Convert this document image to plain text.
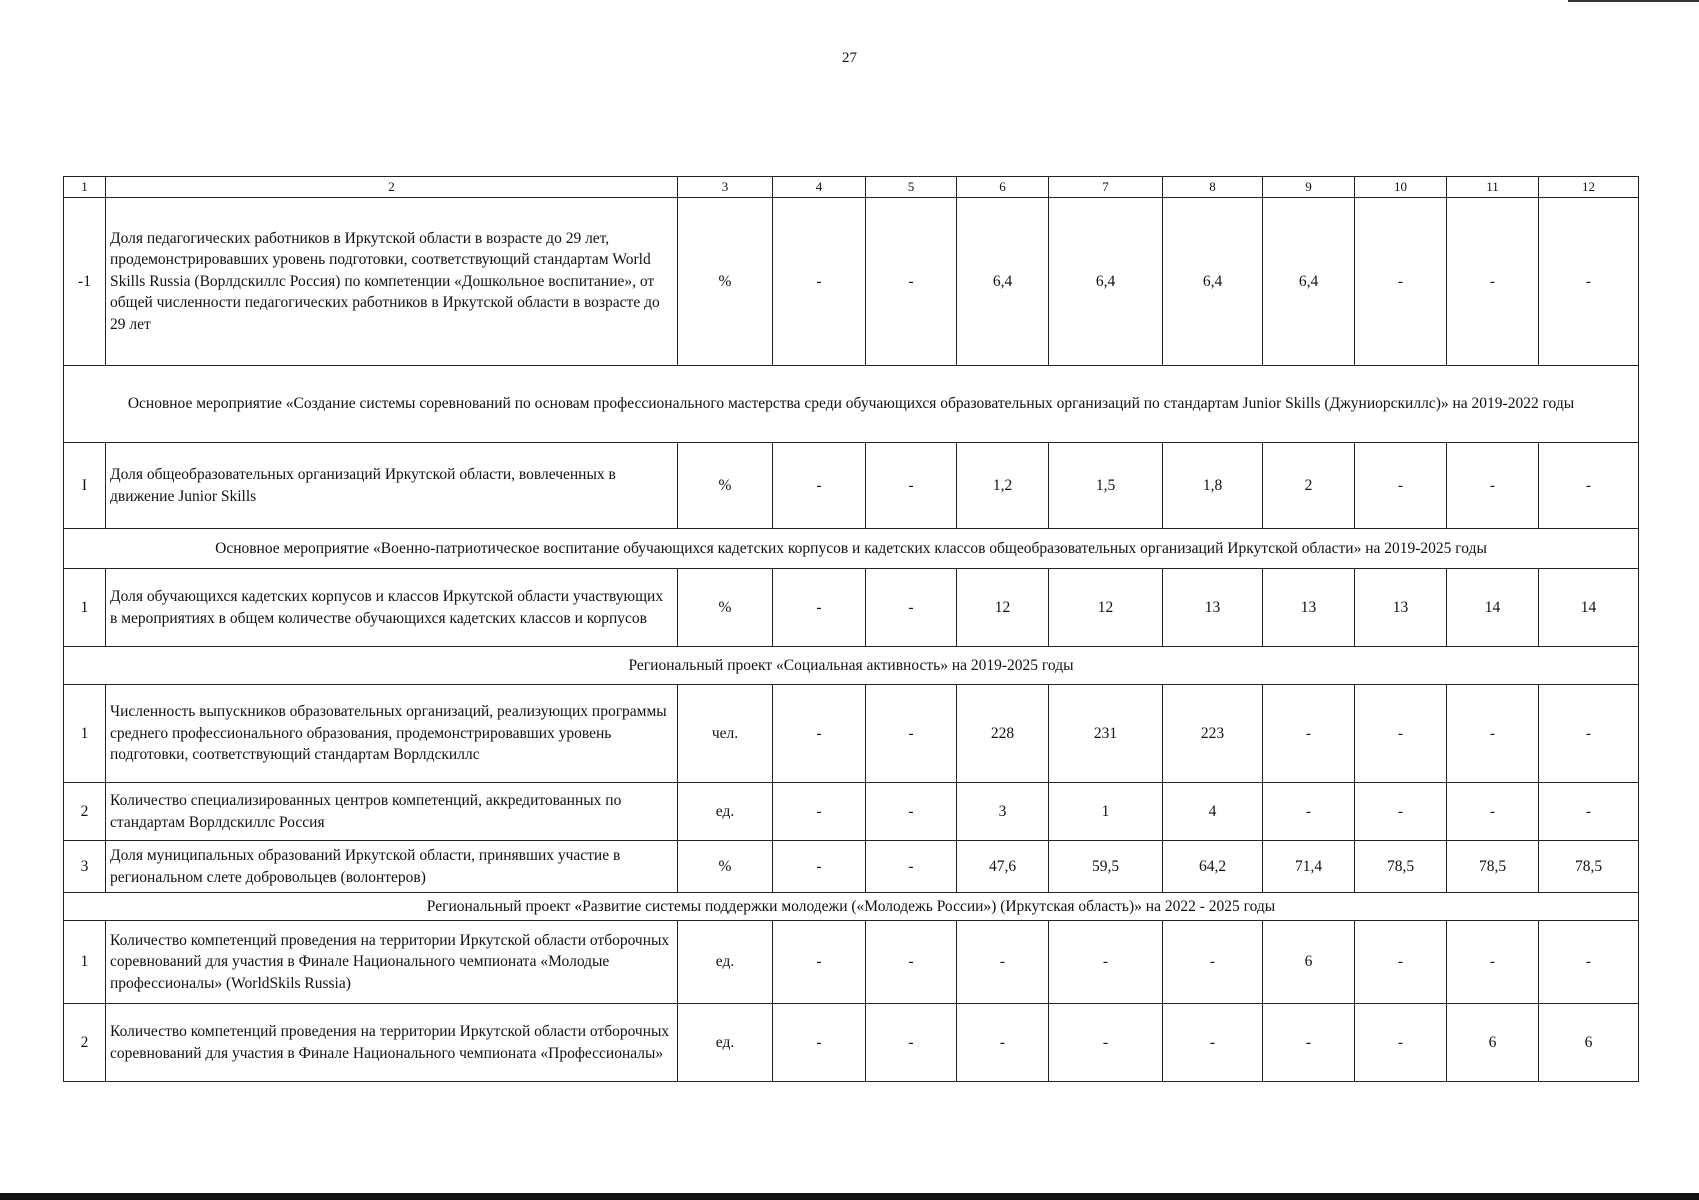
27
1	2	3	4	5	6	7	8	9	10	11	12
-1	Доля педагогических работников в Иркутской области в возрасте до 29 лет, продемонстрировавших уровень подготовки, соответствующий стандартам World Skills Russia (Ворлдскиллс Россия) по компетенции «Дошкольное воспитание», от общей численности педагогических работников в Иркутской области в возрасте до 29 лет	%	-	-	6,4	6,4	6,4	6,4	-	-	-
Основное мероприятие «Создание системы соревнований по основам профессионального мастерства среди обучающихся образовательных организаций по стандартам Junior Skills (Джуниорскиллс)» на 2019-2022 годы											
I	Доля общеобразовательных организаций Иркутской области, вовлеченных в движение Junior Skills	%	-	-	1,2	1,5	1,8	2	-	-	-
Основное мероприятие «Военно-патриотическое воспитание обучающихся кадетских корпусов и кадетских классов общеобразовательных организаций Иркутской области» на 2019-2025 годы											
1	Доля обучающихся кадетских корпусов и классов Иркутской области участвующих в мероприятиях в общем количестве обучающихся кадетских классов и корпусов	%	-	-	12	12	13	13	13	14	14
Региональный проект «Социальная активность» на 2019-2025 годы											
1	Численность выпускников образовательных организаций, реализующих программы среднего профессионального образования, продемонстрировавших уровень подготовки, соответствующий стандартам Ворлдскиллс	чел.	-	-	228	231	223	-	-	-	-
2	Количество специализированных центров компетенций, аккредитованных по стандартам Ворлдскиллс Россия	ед.	-	-	3	1	4	-	-	-	-
3	Доля муниципальных образований Иркутской области, принявших участие в региональном слете добровольцев (волонтеров)	%	-	-	47,6	59,5	64,2	71,4	78,5	78,5	78,5
Региональный проект «Развитие системы поддержки молодежи («Молодежь России») (Иркутская область)» на 2022 - 2025 годы											
1	Количество компетенций проведения на территории Иркутской области отборочных соревнований для участия в Финале Национального чемпионата «Молодые профессионалы» (WorldSkils Russia)	ед.	-	-	-	-	-	6	-	-	-
2	Количество компетенций проведения на территории Иркутской области отборочных соревнований для участия в Финале Национального чемпионата «Профессионалы»	ед.	-	-	-	-	-	-	-	6	6
